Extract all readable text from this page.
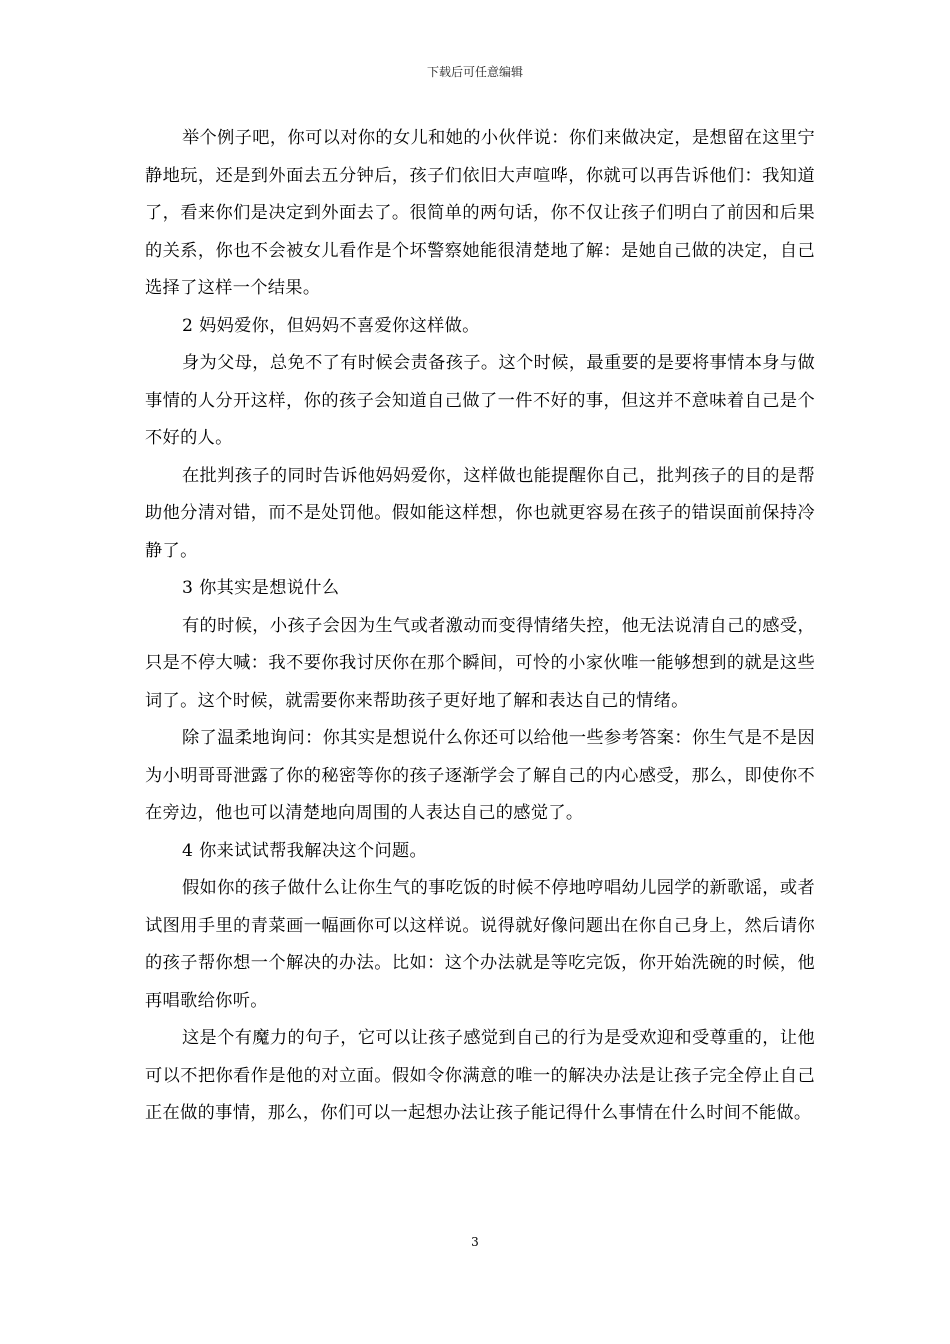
下载后可任意编辑

举个例子吧，你可以对你的女儿和她的小伙伴说：你们来做决定，是想留在这里宁静地玩，还是到外面去五分钟后，孩子们依旧大声喧哗，你就可以再告诉他们：我知道了，看来你们是决定到外面去了。很简单的两句话，你不仅让孩子们明白了前因和后果的关系，你也不会被女儿看作是个坏警察她能很清楚地了解：是她自己做的决定，自己选择了这样一个结果。

2 妈妈爱你，但妈妈不喜爱你这样做。

身为父母，总免不了有时候会责备孩子。这个时候，最重要的是要将事情本身与做事情的人分开这样，你的孩子会知道自己做了一件不好的事，但这并不意味着自己是个不好的人。

在批判孩子的同时告诉他妈妈爱你，这样做也能提醒你自己，批判孩子的目的是帮助他分清对错，而不是处罚他。假如能这样想，你也就更容易在孩子的错误面前保持冷静了。

3 你其实是想说什么

有的时候，小孩子会因为生气或者激动而变得情绪失控，他无法说清自己的感受，只是不停大喊：我不要你我讨厌你在那个瞬间，可怜的小家伙唯一能够想到的就是这些词了。这个时候，就需要你来帮助孩子更好地了解和表达自己的情绪。

除了温柔地询问：你其实是想说什么你还可以给他一些参考答案：你生气是不是因为小明哥哥泄露了你的秘密等你的孩子逐渐学会了解自己的内心感受，那么，即使你不在旁边，他也可以清楚地向周围的人表达自己的感觉了。

4 你来试试帮我解决这个问题。

假如你的孩子做什么让你生气的事吃饭的时候不停地哼唱幼儿园学的新歌谣，或者试图用手里的青菜画一幅画你可以这样说。说得就好像问题出在你自己身上，然后请你的孩子帮你想一个解决的办法。比如：这个办法就是等吃完饭，你开始洗碗的时候，他再唱歌给你听。

这是个有魔力的句子，它可以让孩子感觉到自己的行为是受欢迎和受尊重的，让他可以不把你看作是他的对立面。假如令你满意的唯一的解决办法是让孩子完全停止自己正在做的事情，那么，你们可以一起想办法让孩子能记得什么事情在什么时间不能做。

3
